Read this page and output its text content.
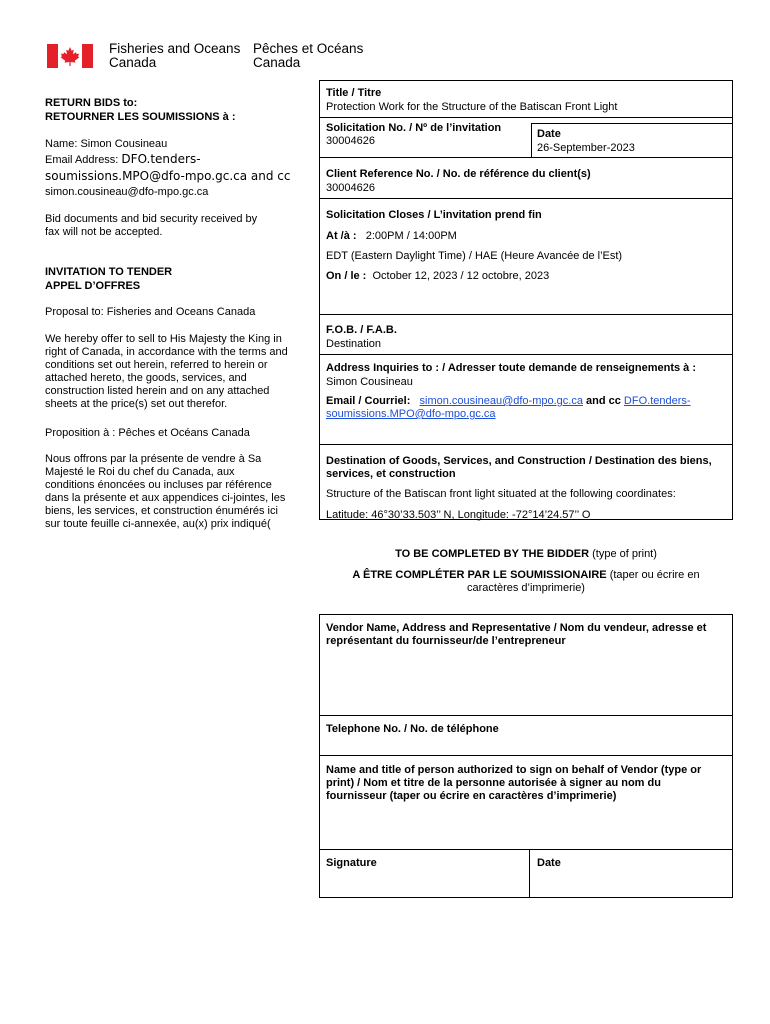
Fisheries and Oceans
Canada
Pêches et Océans
Canada
RETURN BIDS to:
RETOURNER LES SOUMISSIONS à :
Name: Simon Cousineau
Email Address: DFO.tenders-
soumissions.MPO@dfo-mpo.gc.ca and cc
simon.cousineau@dfo-mpo.gc.ca
Bid documents and bid security received by
fax will not be accepted.
INVITATION TO TENDER
APPEL D’OFFRES
Proposal to: Fisheries and Oceans Canada
We hereby offer to sell to His Majesty the King in
right of Canada, in accordance with the terms and
conditions set out herein, referred to herein or
attached hereto, the goods, services, and
construction listed herein and on any attached
sheets at the price(s) set out therefor.
Proposition à : Pêches et Océans Canada
Nous offrons par la présente de vendre à Sa
Majesté le Roi du chef du Canada, aux
conditions énoncées ou incluses par référence
dans la présente et aux appendices ci-jointes, les
biens, les services, et construction énumérés ici
sur toute feuille ci-annexée, au(x) prix indiqué(
Title / Titre
Protection Work for the Structure of the Batiscan Front Light
Solicitation No. / Nº de l’invitation
30004626
Date
26-September-2023
Client Reference No. / No. de référence du client(s)
30004626
Solicitation Closes / L’invitation prend fin
At /à : 2:00PM / 14:00PM
EDT (Eastern Daylight Time) / HAE (Heure Avancée de l’Est)
On / le : October 12, 2023 / 12 octobre, 2023
F.O.B. / F.A.B.
Destination
Address Inquiries to : / Adresser toute demande de renseignements à :
Simon Cousineau
Email / Courriel: simon.cousineau@dfo-mpo.gc.ca and cc DFO.tenders-
soumissions.MPO@dfo-mpo.gc.ca
Destination of Goods, Services, and Construction / Destination des biens,
services, et construction
Structure of the Batiscan front light situated at the following coordinates:
Latitude: 46°30’33.503’’ N, Longitude: -72°14’24.57’’ O
TO BE COMPLETED BY THE BIDDER (type of print)
A ÊTRE COMPLÉTER PAR LE SOUMISSIONAIRE (taper ou écrire en
caractères d’imprimerie)
Vendor Name, Address and Representative / Nom du vendeur, adresse et
représentant du fournisseur/de l’entrepreneur
Telephone No. / No. de téléphone
Name and title of person authorized to sign on behalf of Vendor (type or
print) / Nom et titre de la personne autorisée à signer au nom du
fournisseur (taper ou écrire en caractères d’imprimerie)
Signature	Date
